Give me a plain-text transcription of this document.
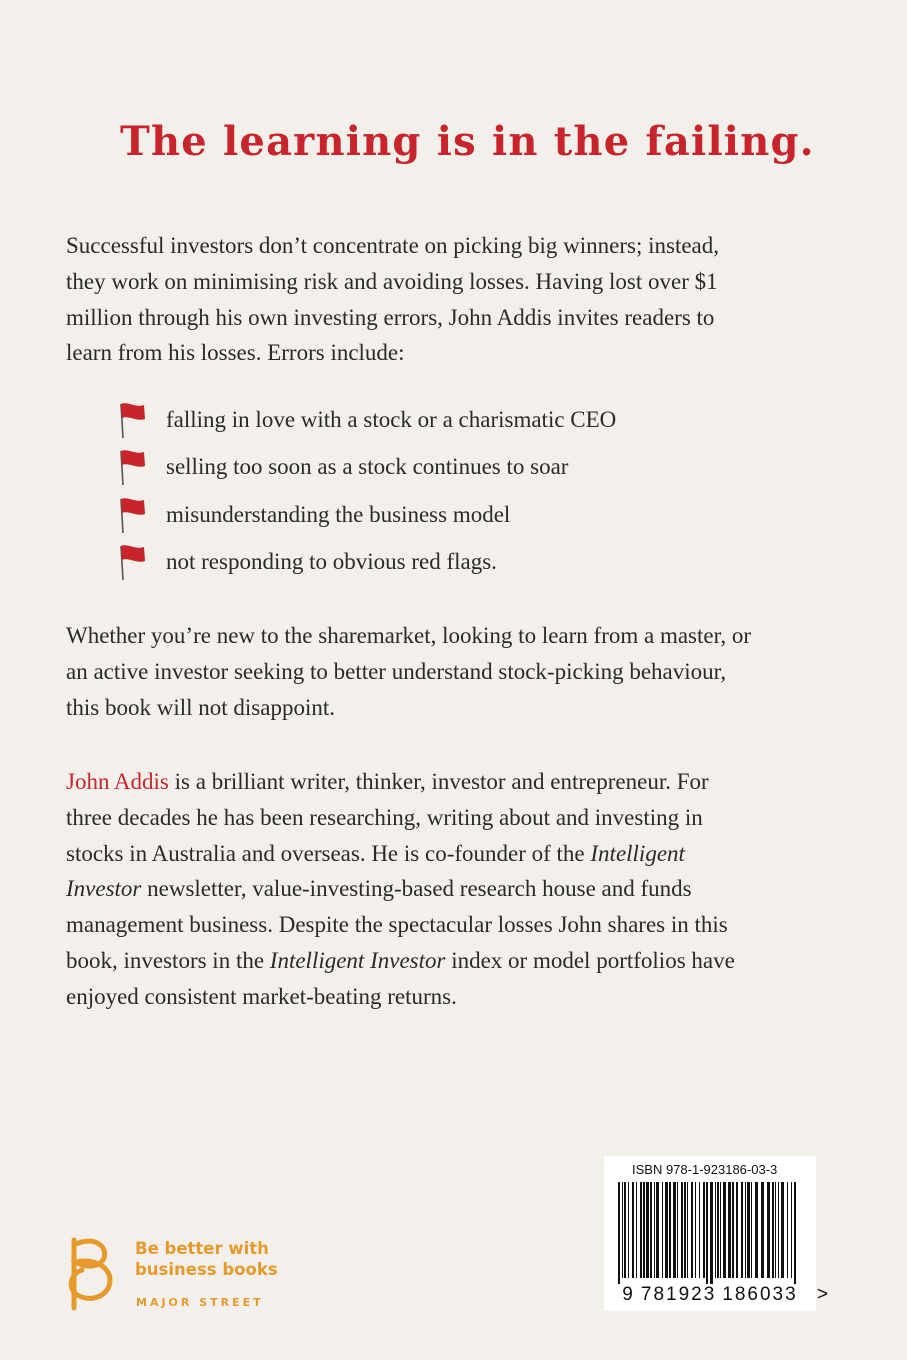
The learning is in the failing.

Successful investors don’t concentrate on picking big winners; instead, they work on minimising risk and avoiding losses. Having lost over $1 million through his own investing errors, John Addis invites readers to learn from his losses. Errors include:

falling in love with a stock or a charismatic CEO
selling too soon as a stock continues to soar
misunderstanding the business model
not responding to obvious red flags.

Whether you’re new to the sharemarket, looking to learn from a master, or an active investor seeking to better understand stock-picking behaviour, this book will not disappoint.

John Addis is a brilliant writer, thinker, investor and entrepreneur. For three decades he has been researching, writing about and investing in stocks in Australia and overseas. He is co-founder of the Intelligent Investor newsletter, value-investing-based research house and funds management business. Despite the spectacular losses John shares in this book, investors in the Intelligent Investor index or model portfolios have enjoyed consistent market-beating returns.

ISBN 978-1-923186-03-3
9 781923 186033 >
Be better with
business books
MAJOR STREET
